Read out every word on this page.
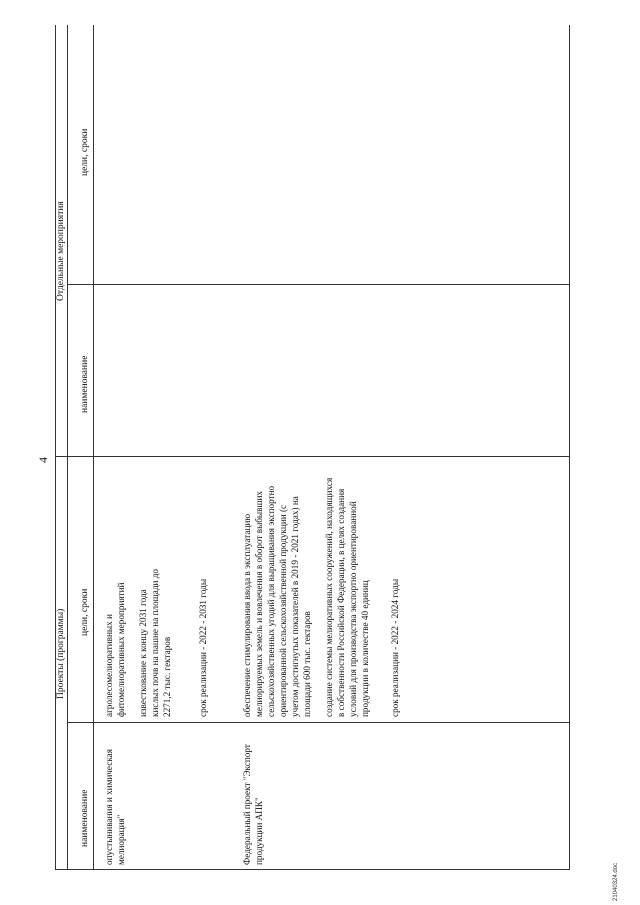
4
Проекты (программы)
Отдельные мероприятия
наименование
цели, сроки
наименование
цели, сроки
опустынивания и химическая мелиорация"
агролесомелиоративных и фитомелиоративных мероприятий известкование к концу 2031 года кислых почв на пашне на площади до 2271,2 тыс. гектаров	срок реализации - 2022 - 2031 годы
Федеральный проект "Экспорт продукции АПК"
обеспечение стимулирования ввода в эксплуатацию мелиорируемых земель и вовлечения в оборот выбывших сельскохозяйственных угодий для выращивания экспортно ориентированной сельскохозяйственной продукции (с учетом достигнутых показателей в 2019 - 2021 годах) на площади 600 тыс. гектаров создание системы мелиоративных сооружений, находящихся в собственности Российской Федерации, в целях создания условий для производства экспортно ориентированной продукции в количестве 40 единиц срок реализации - 2022 - 2024 годы
21040324.doc
